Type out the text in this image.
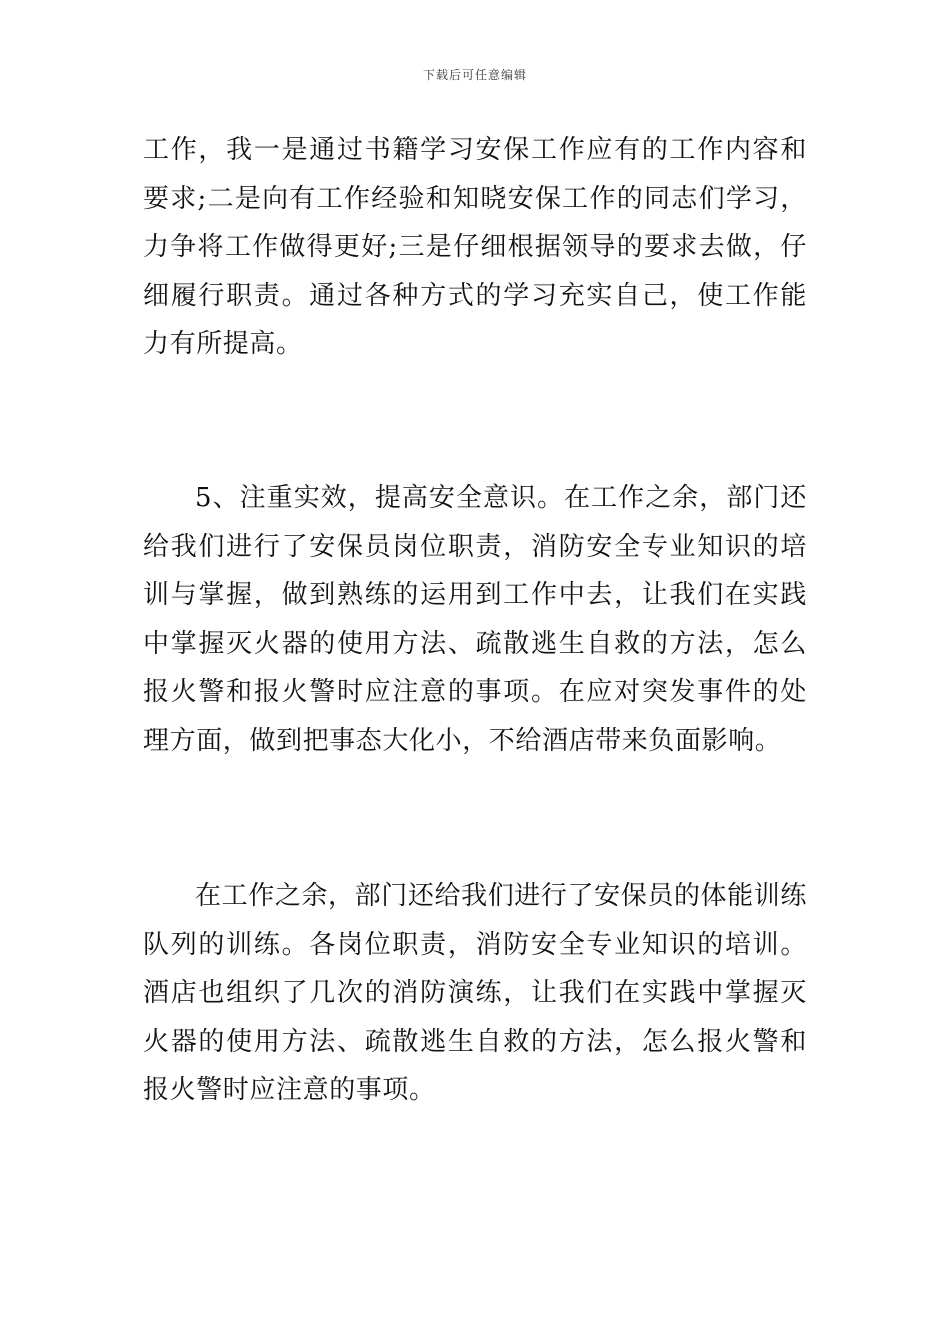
下载后可任意编辑

工作，我一是通过书籍学习安保工作应有的工作内容和要求;二是向有工作经验和知晓安保工作的同志们学习，力争将工作做得更好;三是仔细根据领导的要求去做，仔细履行职责。通过各种方式的学习充实自己，使工作能力有所提高。

5、注重实效，提高安全意识。在工作之余，部门还给我们进行了安保员岗位职责，消防安全专业知识的培训与掌握，做到熟练的运用到工作中去，让我们在实践中掌握灭火器的使用方法、疏散逃生自救的方法，怎么报火警和报火警时应注意的事项。在应对突发事件的处理方面，做到把事态大化小，不给酒店带来负面影响。

在工作之余，部门还给我们进行了安保员的体能训练队列的训练。各岗位职责，消防安全专业知识的培训。酒店也组织了几次的消防演练，让我们在实践中掌握灭火器的使用方法、疏散逃生自救的方法，怎么报火警和报火警时应注意的事项。
